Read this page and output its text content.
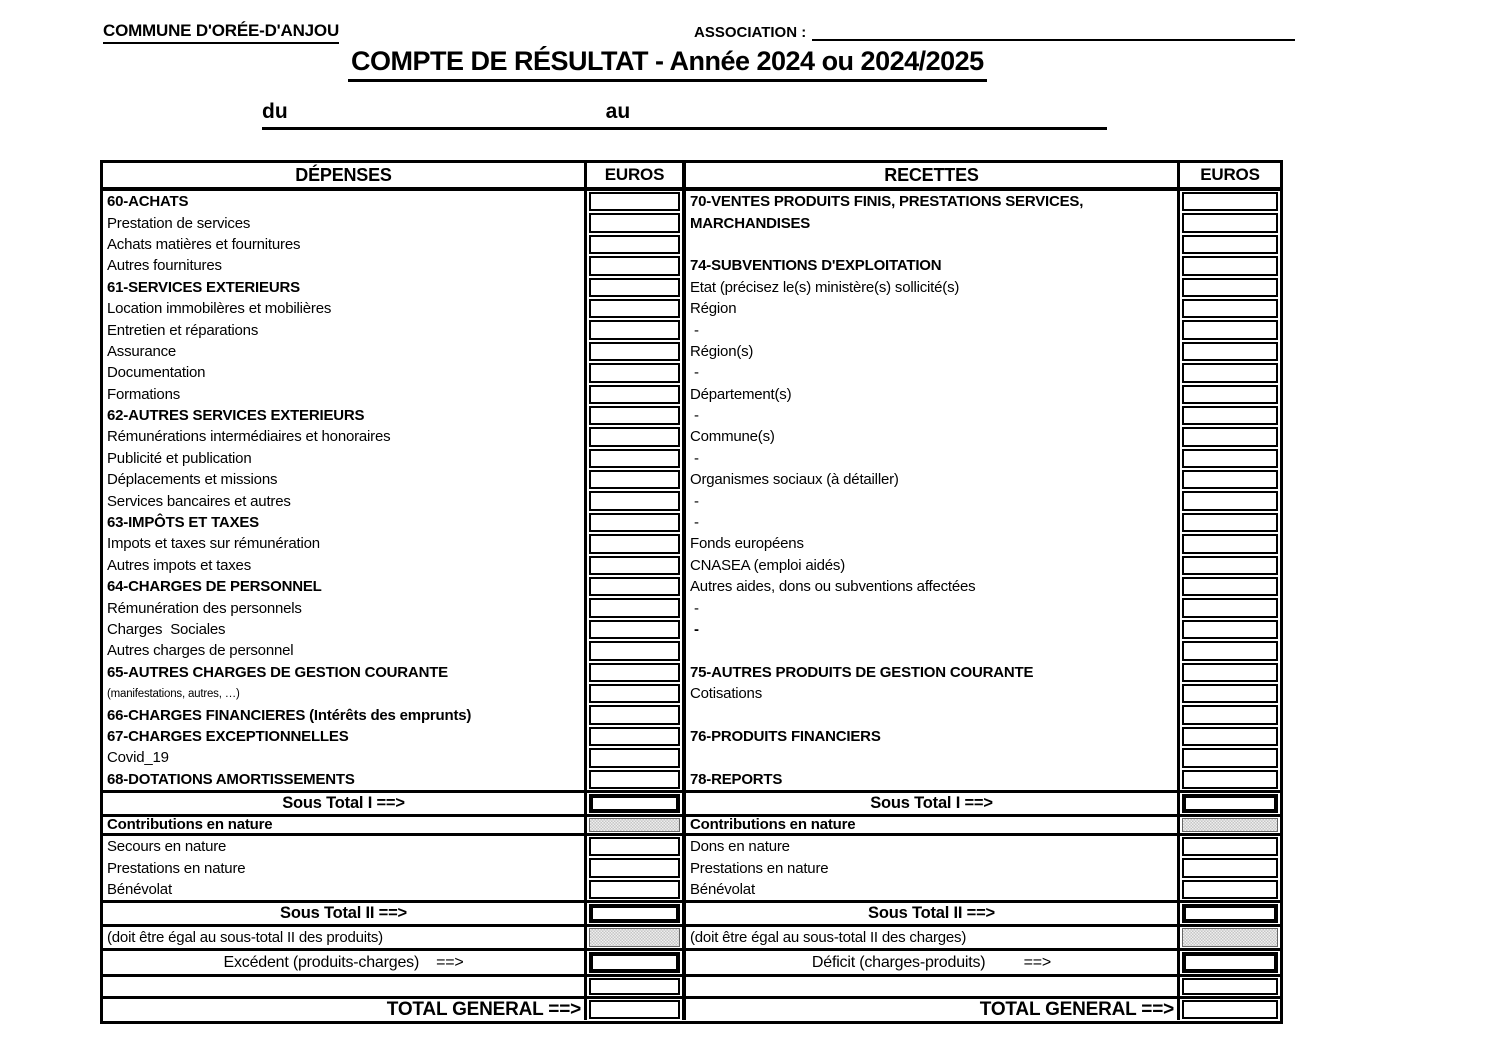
COMMUNE D'ORÉE-D'ANJOU	ASSOCIATION :
COMPTE DE RÉSULTAT - Année 2024 ou 2024/2025
du	au
DÉPENSES	EUROS	RECETTES	EUROS
60-ACHATS	70-VENTES PRODUITS FINIS, PRESTATIONS SERVICES,
Prestation de services	MARCHANDISES
Achats matières et fournitures
Autres fournitures	74-SUBVENTIONS D'EXPLOITATION
61-SERVICES EXTERIEURS	Etat (précisez le(s) ministère(s) sollicité(s)
Location immobilères et mobilières	Région
Entretien et réparations	-
Assurance	Région(s)
Documentation	-
Formations	Département(s)
62-AUTRES SERVICES EXTERIEURS	-
Rémunérations intermédiaires et honoraires	Commune(s)
Publicité et publication	-
Déplacements et missions	Organismes sociaux (à détailler)
Services bancaires et autres	-
63-IMPÔTS ET TAXES	-
Impots et taxes sur rémunération	Fonds européens
Autres impots et taxes	CNASEA (emploi aidés)
64-CHARGES DE PERSONNEL	Autres aides, dons ou subventions affectées
Rémunération des personnels	-
Charges  Sociales	-
Autres charges de personnel
65-AUTRES CHARGES DE GESTION COURANTE	75-AUTRES PRODUITS DE GESTION COURANTE
(manifestations, autres, …)	Cotisations
66-CHARGES FINANCIERES (Intérêts des emprunts)
67-CHARGES EXCEPTIONNELLES	76-PRODUITS FINANCIERS
Covid_19
68-DOTATIONS AMORTISSEMENTS	78-REPORTS
Sous Total I ==>	Sous Total I ==>
Contributions en nature	Contributions en nature
Secours en nature	Dons en nature
Prestations en nature	Prestations en nature
Bénévolat	Bénévolat
Sous Total II ==>	Sous Total II ==>
(doit être égal au sous-total II des produits)	(doit être égal au sous-total II des charges)
Excédent (produits-charges)    ==>	Déficit (charges-produits)         ==>
TOTAL GENERAL ==>	TOTAL GENERAL ==>
